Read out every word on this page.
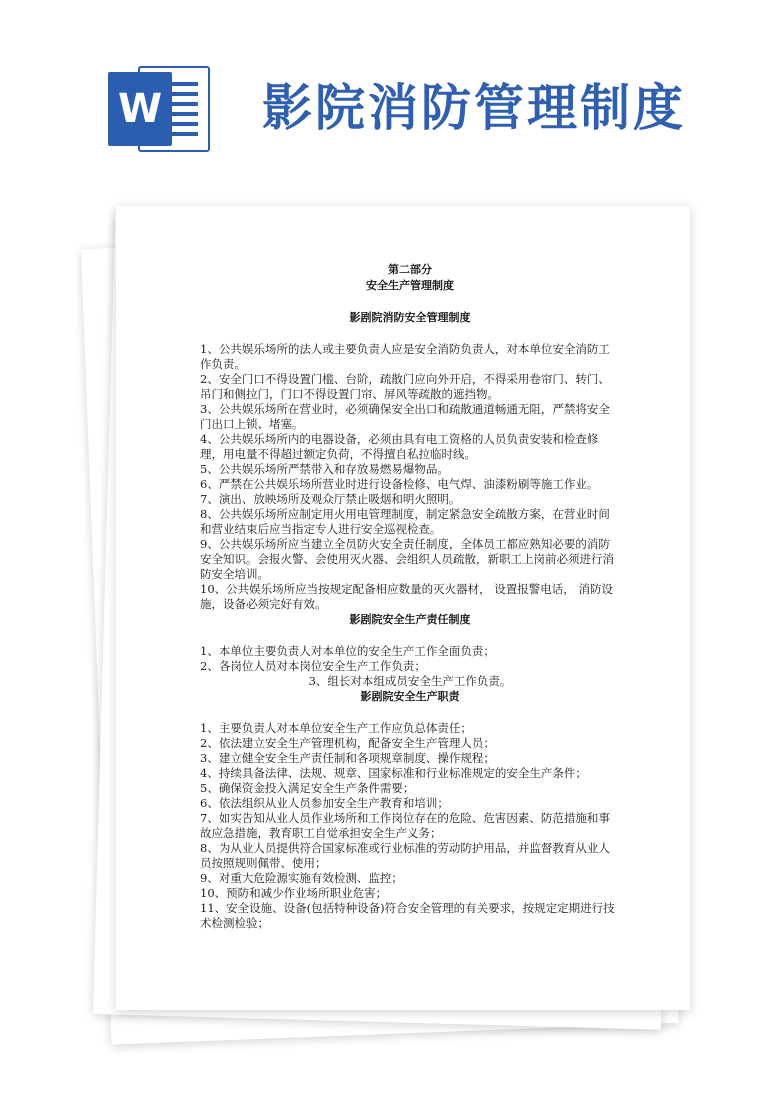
W 影院消防管理制度
第二部分
安全生产管理制度
影剧院消防安全管理制度

1、公共娱乐场所的法人或主要负责人应是安全消防负责人，对本单位安全消防工作负责。

2、安全门口不得设置门槛、台阶，疏散门应向外开启，不得采用卷帘门、转门、吊门和侧拉门，门口不得设置门帘、屏风等疏散的遮挡物。

3、公共娱乐场所在营业时，必须确保安全出口和疏散通道畅通无阻，严禁将安全门出口上锁、堵塞。

4、公共娱乐场所内的电器设备，必须由具有电工资格的人员负责安装和检查修理，用电量不得超过额定负荷，不得擅自私拉临时线。

5、公共娱乐场所严禁带入和存放易燃易爆物品。

6、严禁在公共娱乐场所营业时进行设备检修、电气焊、油漆粉刷等施工作业。

7、演出、放映场所及观众厅禁止吸烟和明火照明。

8、公共娱乐场所应制定用火用电管理制度，制定紧急安全疏散方案，在营业时间和营业结束后应当指定专人进行安全巡视检查。

9、公共娱乐场所应当建立全员防火安全责任制度，全体员工都应熟知必要的消防安全知识。会报火警、会使用灭火器、会组织人员疏散，新职工上岗前必须进行消防安全培训。

10、公共娱乐场所应当按规定配备相应数量的灭火器材， 设置报警电话， 消防设施，设备必须完好有效。

影剧院安全生产责任制度

1、本单位主要负责人对本单位的安全生产工作全面负责；

2、各岗位人员对本岗位安全生产工作负责；

3、组长对本组成员安全生产工作负责。

影剧院安全生产职责

1、主要负责人对本单位安全生产工作应负总体责任；

2、依法建立安全生产管理机构，配备安全生产管理人员；

3、建立健全安全生产责任制和各项规章制度、操作规程；

4、持续具备法律、法规、规章、国家标准和行业标准规定的安全生产条件；

5、确保资金投入满足安全生产条件需要；

6、依法组织从业人员参加安全生产教育和培训；

7、如实告知从业人员作业场所和工作岗位存在的危险、危害因素、防范措施和事故应急措施，教育职工自觉承担安全生产义务；

8、为从业人员提供符合国家标准或行业标准的劳动防护用品，并监督教育从业人员按照规则佩带、使用；

9、对重大危险源实施有效检测、监控；

10、预防和减少作业场所职业危害；

11、安全设施、设备(包括特种设备)符合安全管理的有关要求，按规定定期进行技术检测检验；
